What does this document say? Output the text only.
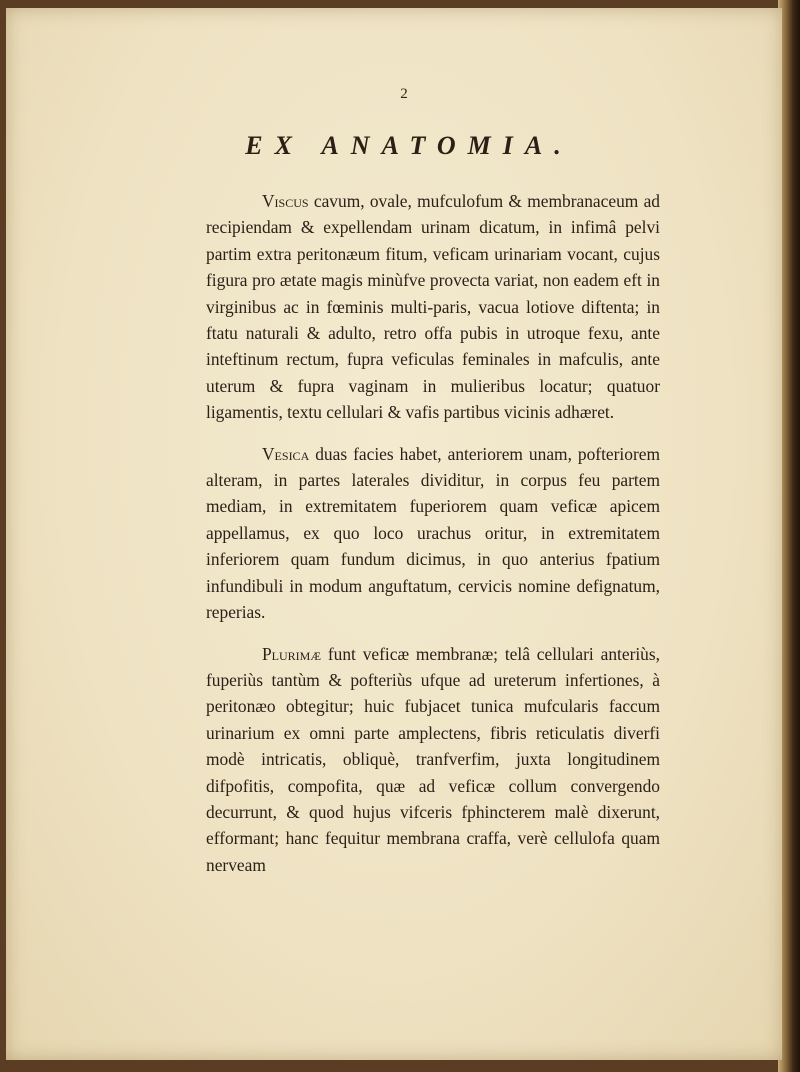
2

EX ANATOMIA.

Viscus cavum, ovale, mufculofum & membranaceum ad recipiendam & expellendam urinam dicatum, in infimâ pelvi partim extra peritonæum fitum, veficam urinariam vocant, cujus figura pro ætate magis minùfve provecta variat, non eadem eft in virginibus ac in fœminis multi-paris, vacua lotiove diftenta; in ftatu naturali & adulto, retro offa pubis in utroque fexu, ante inteftinum rectum, fupra veficulas feminales in mafculis, ante uterum & fupra vaginam in mulieribus locatur; quatuor ligamentis, textu cellulari & vafis partibus vicinis adhæret.

Vesica duas facies habet, anteriorem unam, pofteriorem alteram, in partes laterales dividitur, in corpus feu partem mediam, in extremitatem fuperiorem quam veficæ apicem appellamus, ex quo loco urachus oritur, in extremitatem inferiorem quam fundum dicimus, in quo anterius fpatium infundibuli in modum anguftatum, cervicis nomine defignatum, reperias.

Plurimæ funt veficæ membranæ; telâ cellulari anteriùs, fuperiùs tantùm & pofteriùs ufque ad ureterum infertiones, à peritonæo obtegitur; huic fubjacet tunica mufcularis faccum urinarium ex omni parte amplectens, fibris reticulatis diverfi modè intricatis, obliquè, tranfverfim, juxta longitudinem difpofitis, compofita, quæ ad veficæ collum convergendo decurrunt, & quod hujus vifceris fphincterem malè dixerunt, efformant; hanc fequitur membrana craffa, verè cellulofa quam nerveam
